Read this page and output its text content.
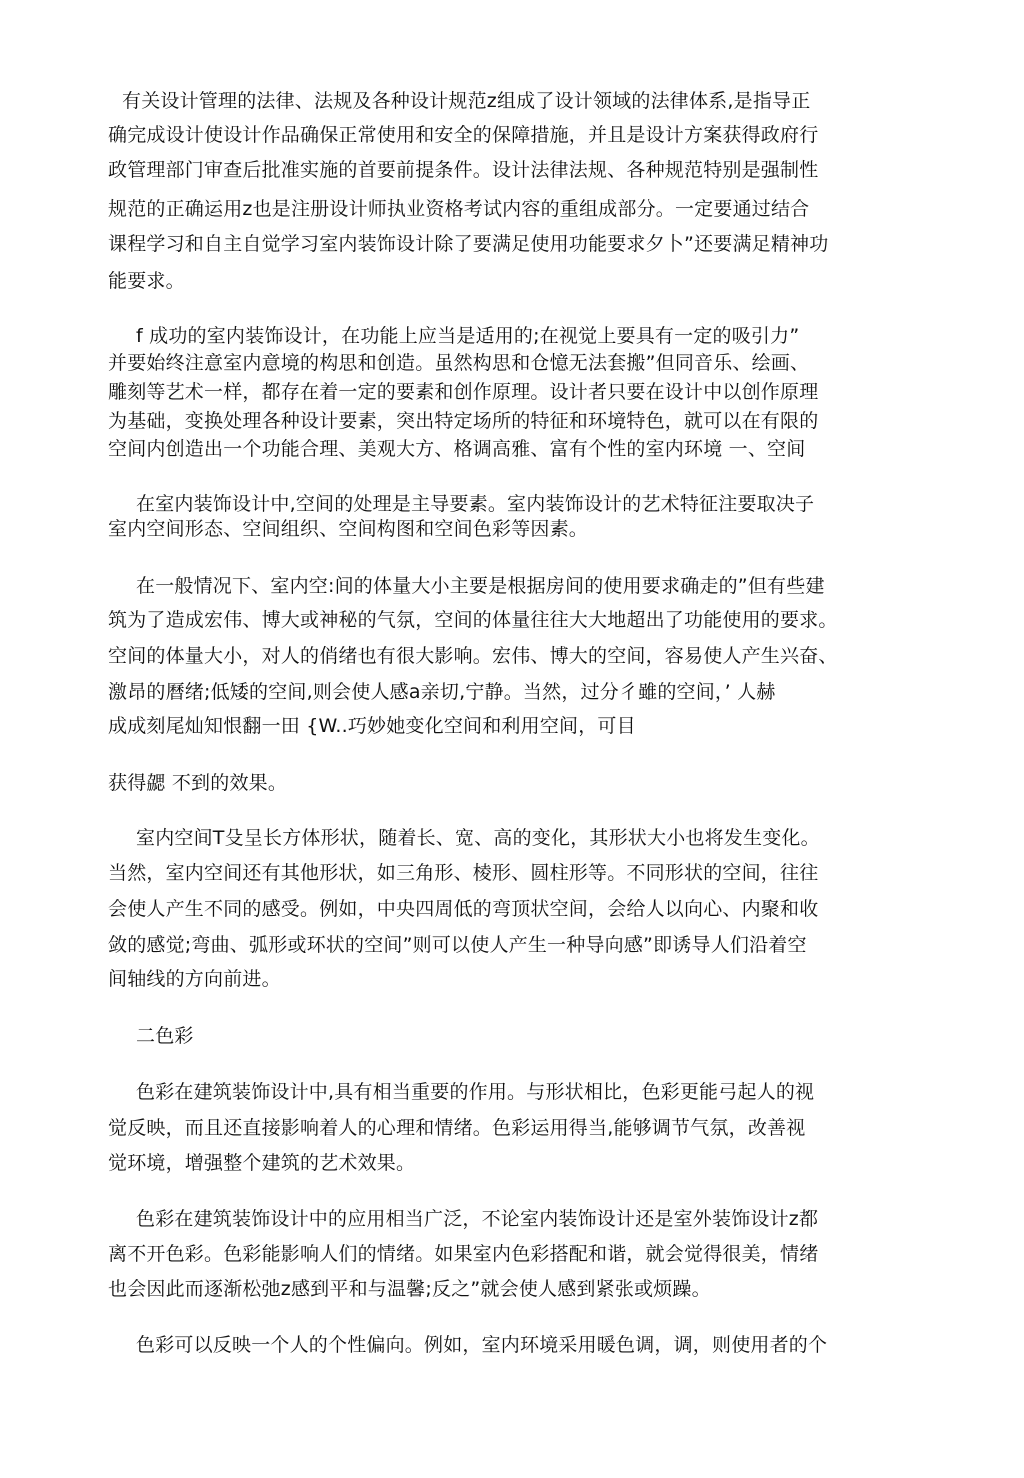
有关设计管理的法律、法规及各种设计规范z组成了设计领域的法律体系,是指导正
确完成设计使设计作品确保正常使用和安全的保障措施，并且是设计方案获得政府行
政管理部门审查后批准实施的首要前提条件。设计法律法规、各种规范特别是强制性
规范的正确运用z也是注册设计师执业资格考试内容的重组成部分。一定要通过结合
课程学习和自主自觉学习室内装饰设计除了要满足使用功能要求夕卜”还要满足精神功
能要求。
f 成功的室内装饰设计，在功能上应当是适用的;在视觉上要具有一定的吸引力”
并要始终注意室内意境的构思和创造。虽然构思和仓憶无法套搬”但同音乐、绘画、
雕刻等艺术一样，都存在着一定的要素和创作原理。设计者只要在设计中以创作原理
为基础，变换处理各种设计要素，突出特定场所的特征和环境特色，就可以在有限的
空间内创造出一个功能合理、美观大方、格调高雅、富有个性的室内环境 一、空间
在室内装饰设计中,空间的处理是主导要素。室内装饰设计的艺术特征注要取决子
室内空间形态、空间组织、空间构图和空间色彩等因素。
在一般情况下、室内空:间的体量大小主要是根据房间的使用要求确走的”但有些建
筑为了造成宏伟、博大或神秘的气氛，空间的体量往往大大地超出了功能使用的要求。
空间的体量大小，对人的俏绪也有很大影响。宏伟、博大的空间，容易使人产生兴奋、
激昂的曆绪;低矮的空间,则会使人感a亲切,宁静。当然，过分彳雖的空间，’ 人赫
成成刻尾灿知恨翻一田 {W..巧妙她变化空间和利用空间，可目
获得勰 不到的效果。
室内空间T殳呈长方体形状，随着长、宽、高的变化，其形状大小也将发生变化。
当然，室内空间还有其他形状，如三角形、棱形、圆柱形等。不同形状的空间，往往
会使人产生不同的感受。例如，中央四周低的弯顶状空间，会给人以向心、内聚和收
敛的感觉;弯曲、弧形或环状的空间”则可以使人产生一种导向感”即诱导人们沿着空
间轴线的方向前进。
二色彩
色彩在建筑装饰设计中,具有相当重要的作用。与形状相比，色彩更能弓起人的视
觉反映，而且还直接影响着人的心理和情绪。色彩运用得当,能够调节气氛，改善视
觉环境，增强整个建筑的艺术效果。
色彩在建筑装饰设计中的应用相当广泛，不论室内装饰设计还是室外装饰设计z都
离不开色彩。色彩能影响人们的情绪。如果室内色彩搭配和谐，就会觉得很美，情绪
也会因此而逐渐松弛z感到平和与温馨;反之”就会使人感到紧张或烦躁。
色彩可以反映一个人的个性偏向。例如，室内环境采用暖色调，调，则使用者的个
